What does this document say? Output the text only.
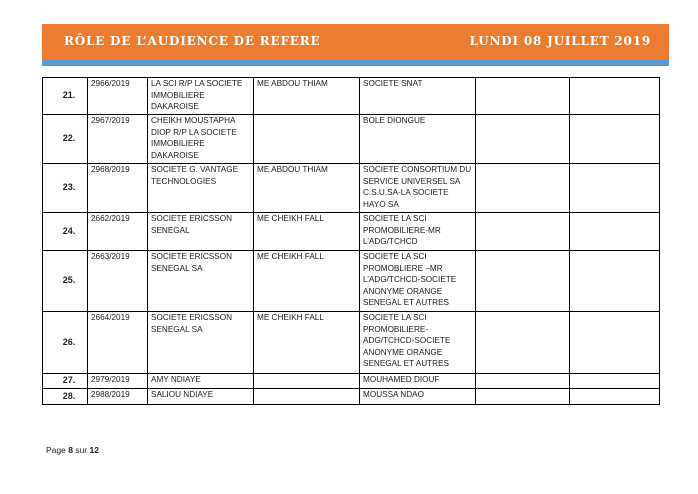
RÔLE DE L’AUDIENCE DE REFERE	LUNDI 08 JUILLET 2019
21.	2966/2019	LA SCI R/P LA SOCIETE IMMOBILIERE DAKAROISE	ME ABDOU THIAM	SOCIETE SNAT		
22.	2967/2019	CHEIKH MOUSTAPHA DIOP R/P LA SOCIETE IMMOBILIERE DAKAROISE		BOLE DIONGUE		
23.	2968/2019	SOCIETE G. VANTAGE TECHNOLOGIES	ME ABDOU THIAM	SOCIETE CONSORTIUM DU SERVICE UNIVERSEL SA C.S.U.SA-LA SOCIETE HAYO SA		
24.	2662/2019	SOCIETE ERICSSON SENEGAL	ME CHEIKH FALL	SOCIETE LA SCI PROMOBILIERE-MR L’ADG/TCHCD		
25.	2663/2019	SOCIETE ERICSSON SENEGAL SA	ME CHEIKH FALL	SOCIETE LA SCI PROMOBLIERE –MR L’ADG/TCHCD-SOCIETE ANONYME ORANGE SENEGAL ET AUTRES		
26.	2664/2019	SOCIETE ERICSSON SENEGAL SA	ME CHEIKH FALL	SOCIETE LA SCI PROMOBILIERE-ADG/TCHCD-SOCIETE ANONYME ORANGE SENEGAL ET AUTRES		
27.	2979/2019	AMY NDIAYE		MOUHAMED DIOUF		
28.	2988/2019	SALIOU NDIAYE		MOUSSA NDAO		
Page 8 sur 12
